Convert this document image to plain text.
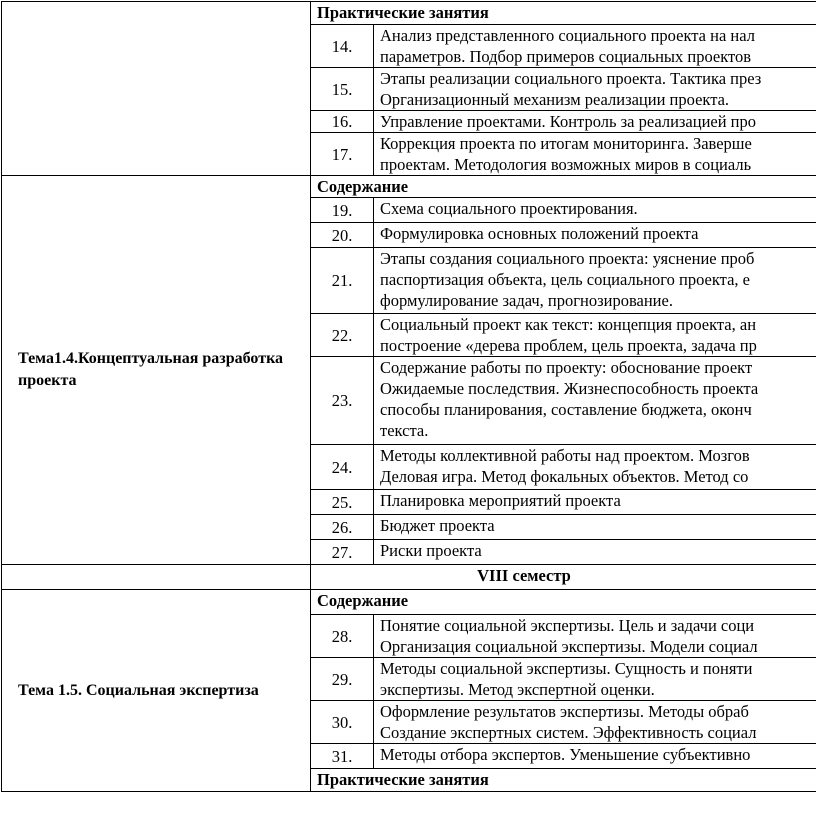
	Практические занятия	
	14.	Анализ представленного социального проекта на нал
параметров. Подбор примеров социальных проектов

	15.	Этапы реализации социального проекта. Тактика през
Организационный механизм реализации проекта.

	16.	Управление проектами. Контроль за реализацией про

	17.	Коррекция проекта по итогам мониторинга. Заверше
проектам. Методология возможных миров в социаль

Тема1.4.Концептуальная разработка проекта	Содержание	
	19.	Схема социального проектирования.

	20.	Формулировка основных положений проекта

	21.	Этапы создания социального проекта: уяснение проб
паспортизация объекта, цель социального проекта, е
формулирование задач, прогнозирование.

	22.	Социальный проект как текст: концепция проекта, ан
построение «дерева проблем, цель проекта, задача пр

	23.	Содержание работы по проекту: обоснование проект
Ожидаемые последствия. Жизнеспособность проекта
способы планирования, составление бюджета, оконч
текста.

	24.	Методы коллективной работы над проектом. Мозгов
Деловая игра. Метод фокальных объектов. Метод со

	25.	Планировка мероприятий проекта

	26.	Бюджет проекта

	27.	Риски проекта

	VIII семестр	
Тема 1.5. Социальная экспертиза	Содержание	
	28.	Понятие социальной экспертизы. Цель и задачи соци
Организация социальной экспертизы. Модели социал

	29.	Методы социальной экспертизы. Сущность и поняти
экспертизы. Метод экспертной оценки.

	30.	Оформление результатов экспертизы. Методы обраб
Создание экспертных систем. Эффективность социал

	31.	Методы отбора экспертов. Уменьшение субъективно

	Практические занятия	
